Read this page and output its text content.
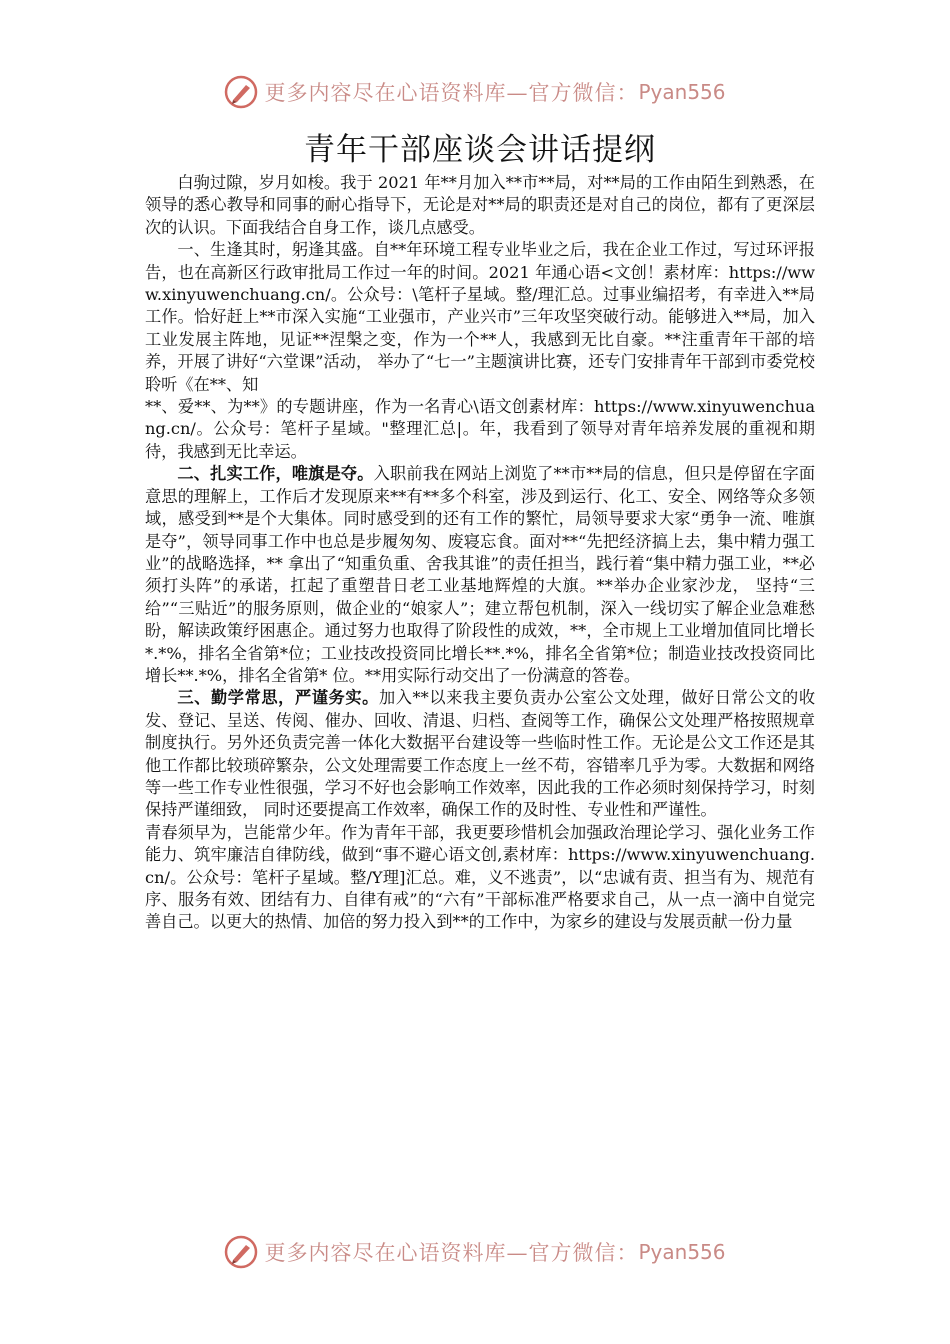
更多内容尽在心语资料库—官方微信： Pyan556
青年干部座谈会讲话提纲

白驹过隙，岁月如梭。我于 2021 年**月加入**市**局，对**局的工作由陌生到熟悉，在领导的悉心教导和同事的耐心指导下，无论是对**局的职责还是对自己的岗位，都有了更深层次的认识。下面我结合自身工作，谈几点感受。

一、生逢其时，躬逢其盛。自**年环境工程专业毕业之后，我在企业工作过，写过环评报告，也在高新区行政审批局工作过一年的时间。2021 年通心语<文创！素材库：https://www.xinyuwenchuang.cn/。公众号：\笔杆子星域。整/理汇总。过事业编招考，有幸进入**局工作。恰好赶上**市深入实施“工业强市，产业兴市”三年攻坚突破行动。能够进入**局，加入工业发展主阵地，见证**涅槃之变，作为一个**人，我感到无比自豪。**注重青年干部的培养，开展了讲好“六堂课”活动， 举办了“七一”主题演讲比赛，还专门安排青年干部到市委党校聆听《在**、知

**、爱**、为**》的专题讲座，作为一名青心\语文创素材库：https://www.xinyuwenchuang.cn/。公众号：笔杆子星域。"整理汇总|。年，我看到了领导对青年培养发展的重视和期待，我感到无比幸运。

二、扎实工作，唯旗是夺。入职前我在网站上浏览了**市**局的信息，但只是停留在字面意思的理解上，工作后才发现原来**有**多个科室，涉及到运行、化工、安全、网络等众多领域，感受到**是个大集体。同时感受到的还有工作的繁忙，局领导要求大家“勇争一流、唯旗是夺”，领导同事工作中也总是步履匆匆、废寝忘食。面对**“先把经济搞上去，集中精力强工业”的战略选择，** 拿出了“知重负重、舍我其谁”的责任担当，践行着“集中精力强工业，**必须打头阵”的承诺，扛起了重塑昔日老工业基地辉煌的大旗。**举办企业家沙龙， 坚持“三给”“三贴近”的服务原则，做企业的“娘家人”；建立帮包机制，深入一线切实了解企业急难愁盼，解读政策纾困惠企。通过努力也取得了阶段性的成效，**，全市规上工业增加值同比增长*.*%，排名全省第*位；工业技改投资同比增长**.*%，排名全省第*位；制造业技改投资同比增长**.*%，排名全省第* 位。**用实际行动交出了一份满意的答卷。

三、勤学常思，严谨务实。加入**以来我主要负责办公室公文处理，做好日常公文的收发、登记、呈送、传阅、催办、回收、清退、归档、查阅等工作，确保公文处理严格按照规章制度执行。另外还负责完善一体化大数据平台建设等一些临时性工作。无论是公文工作还是其他工作都比较琐碎繁杂，公文处理需要工作态度上一丝不苟，容错率几乎为零。大数据和网络等一些工作专业性很强，学习不好也会影响工作效率，因此我的工作必须时刻保持学习，时刻保持严谨细致， 同时还要提高工作效率，确保工作的及时性、专业性和严谨性。

青春须早为，岂能常少年。作为青年干部，我更要珍惜机会加强政治理论学习、强化业务工作能力、筑牢廉洁自律防线，做到“事不避心语文创,素材库：https://www.xinyuwenchuang.cn/。公众号：笔杆子星域。整/Y理]汇总。难，义不逃责”，以“忠诚有责、担当有为、规范有序、服务有效、团结有力、自律有戒”的“六有”干部标准严格要求自己，从一点一滴中自觉完善自己。以更大的热情、加倍的努力投入到**的工作中，为家乡的建设与发展贡献一份力量

更多内容尽在心语资料库—官方微信： Pyan556
